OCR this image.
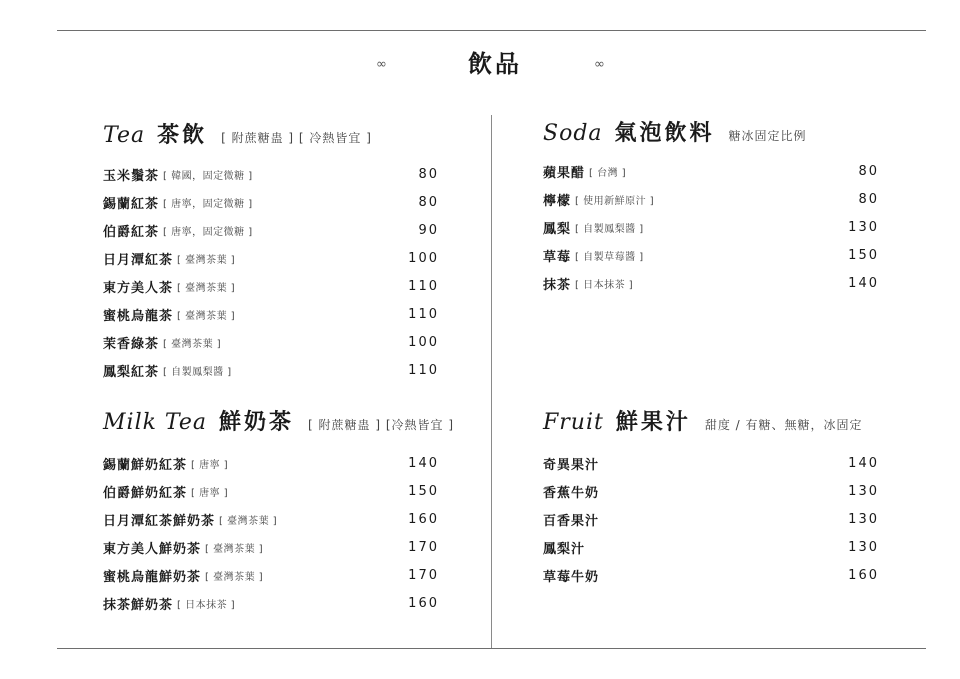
∞	飲品	∞
Tea 茶飲 [ 附蔗糖蛊 ] [ 冷熱皆宜 ]
玉米鬚茶 [ 韓國，固定微糖 ]	80
錫蘭紅茶 [ 唐寧，固定微糖 ]	80
伯爵紅茶 [ 唐寧，固定微糖 ]	90
日月潭紅茶 [ 臺灣茶葉 ]	100
東方美人茶 [ 臺灣茶葉 ]	110
蜜桃烏龍茶 [ 臺灣茶葉 ]	110
茉香綠茶 [ 臺灣茶葉 ]	100
鳳梨紅茶 [ 自製鳳梨醬 ]	110
Soda 氣泡飲料 糖冰固定比例
蘋果醋 [ 台灣 ]	80
檸檬 [ 使用新鮮原汁 ]	80
鳳梨 [ 自製鳳梨醬 ]	130
草莓 [ 自製草莓醬 ]	150
抹茶 [ 日本抹茶 ]	140
Milk Tea 鮮奶茶 [ 附蔗糖蛊 ] [冷熱皆宜 ]
錫蘭鮮奶紅茶 [ 唐寧 ]	140
伯爵鮮奶紅茶 [ 唐寧 ]	150
日月潭紅茶鮮奶茶 [ 臺灣茶葉 ]	160
東方美人鮮奶茶 [ 臺灣茶葉 ]	170
蜜桃烏龍鮮奶茶 [ 臺灣茶葉 ]	170
抹茶鮮奶茶 [ 日本抹茶 ]	160
Fruit 鮮果汁 甜度 / 有糖、無糖，冰固定
奇異果汁	140
香蕉牛奶	130
百香果汁	130
鳳梨汁	130
草莓牛奶	160
